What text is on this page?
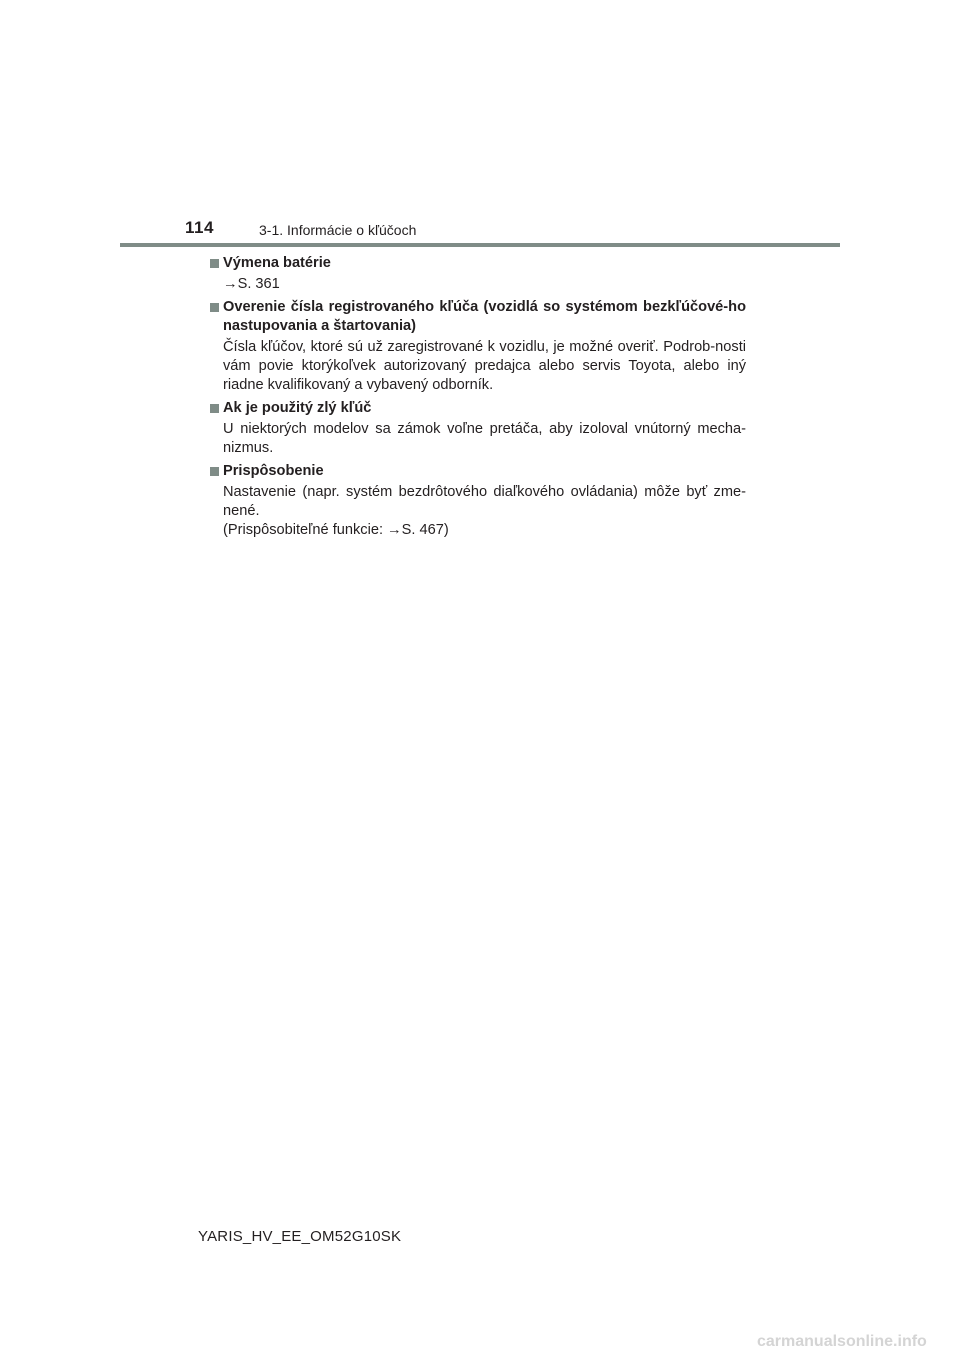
114	3-1. Informácie o kľúčoch
Výmena batérie

→S. 361

Overenie čísla registrovaného kľúča (vozidlá so systémom bezkľúčové-ho nastupovania a štartovania)

Čísla kľúčov, ktoré sú už zaregistrované k vozidlu, je možné overiť. Podrob-nosti vám povie ktorýkoľvek autorizovaný predajca alebo servis Toyota, alebo iný riadne kvalifikovaný a vybavený odborník.

Ak je použitý zlý kľúč

U niektorých modelov sa zámok voľne pretáča, aby izoloval vnútorný mecha-nizmus.

Prispôsobenie

Nastavenie (napr. systém bezdrôtového diaľkového ovládania) môže byť zme-nené.

(Prispôsobiteľné funkcie: →S. 467)

YARIS_HV_EE_OM52G10SK
carmanualsonline.info
